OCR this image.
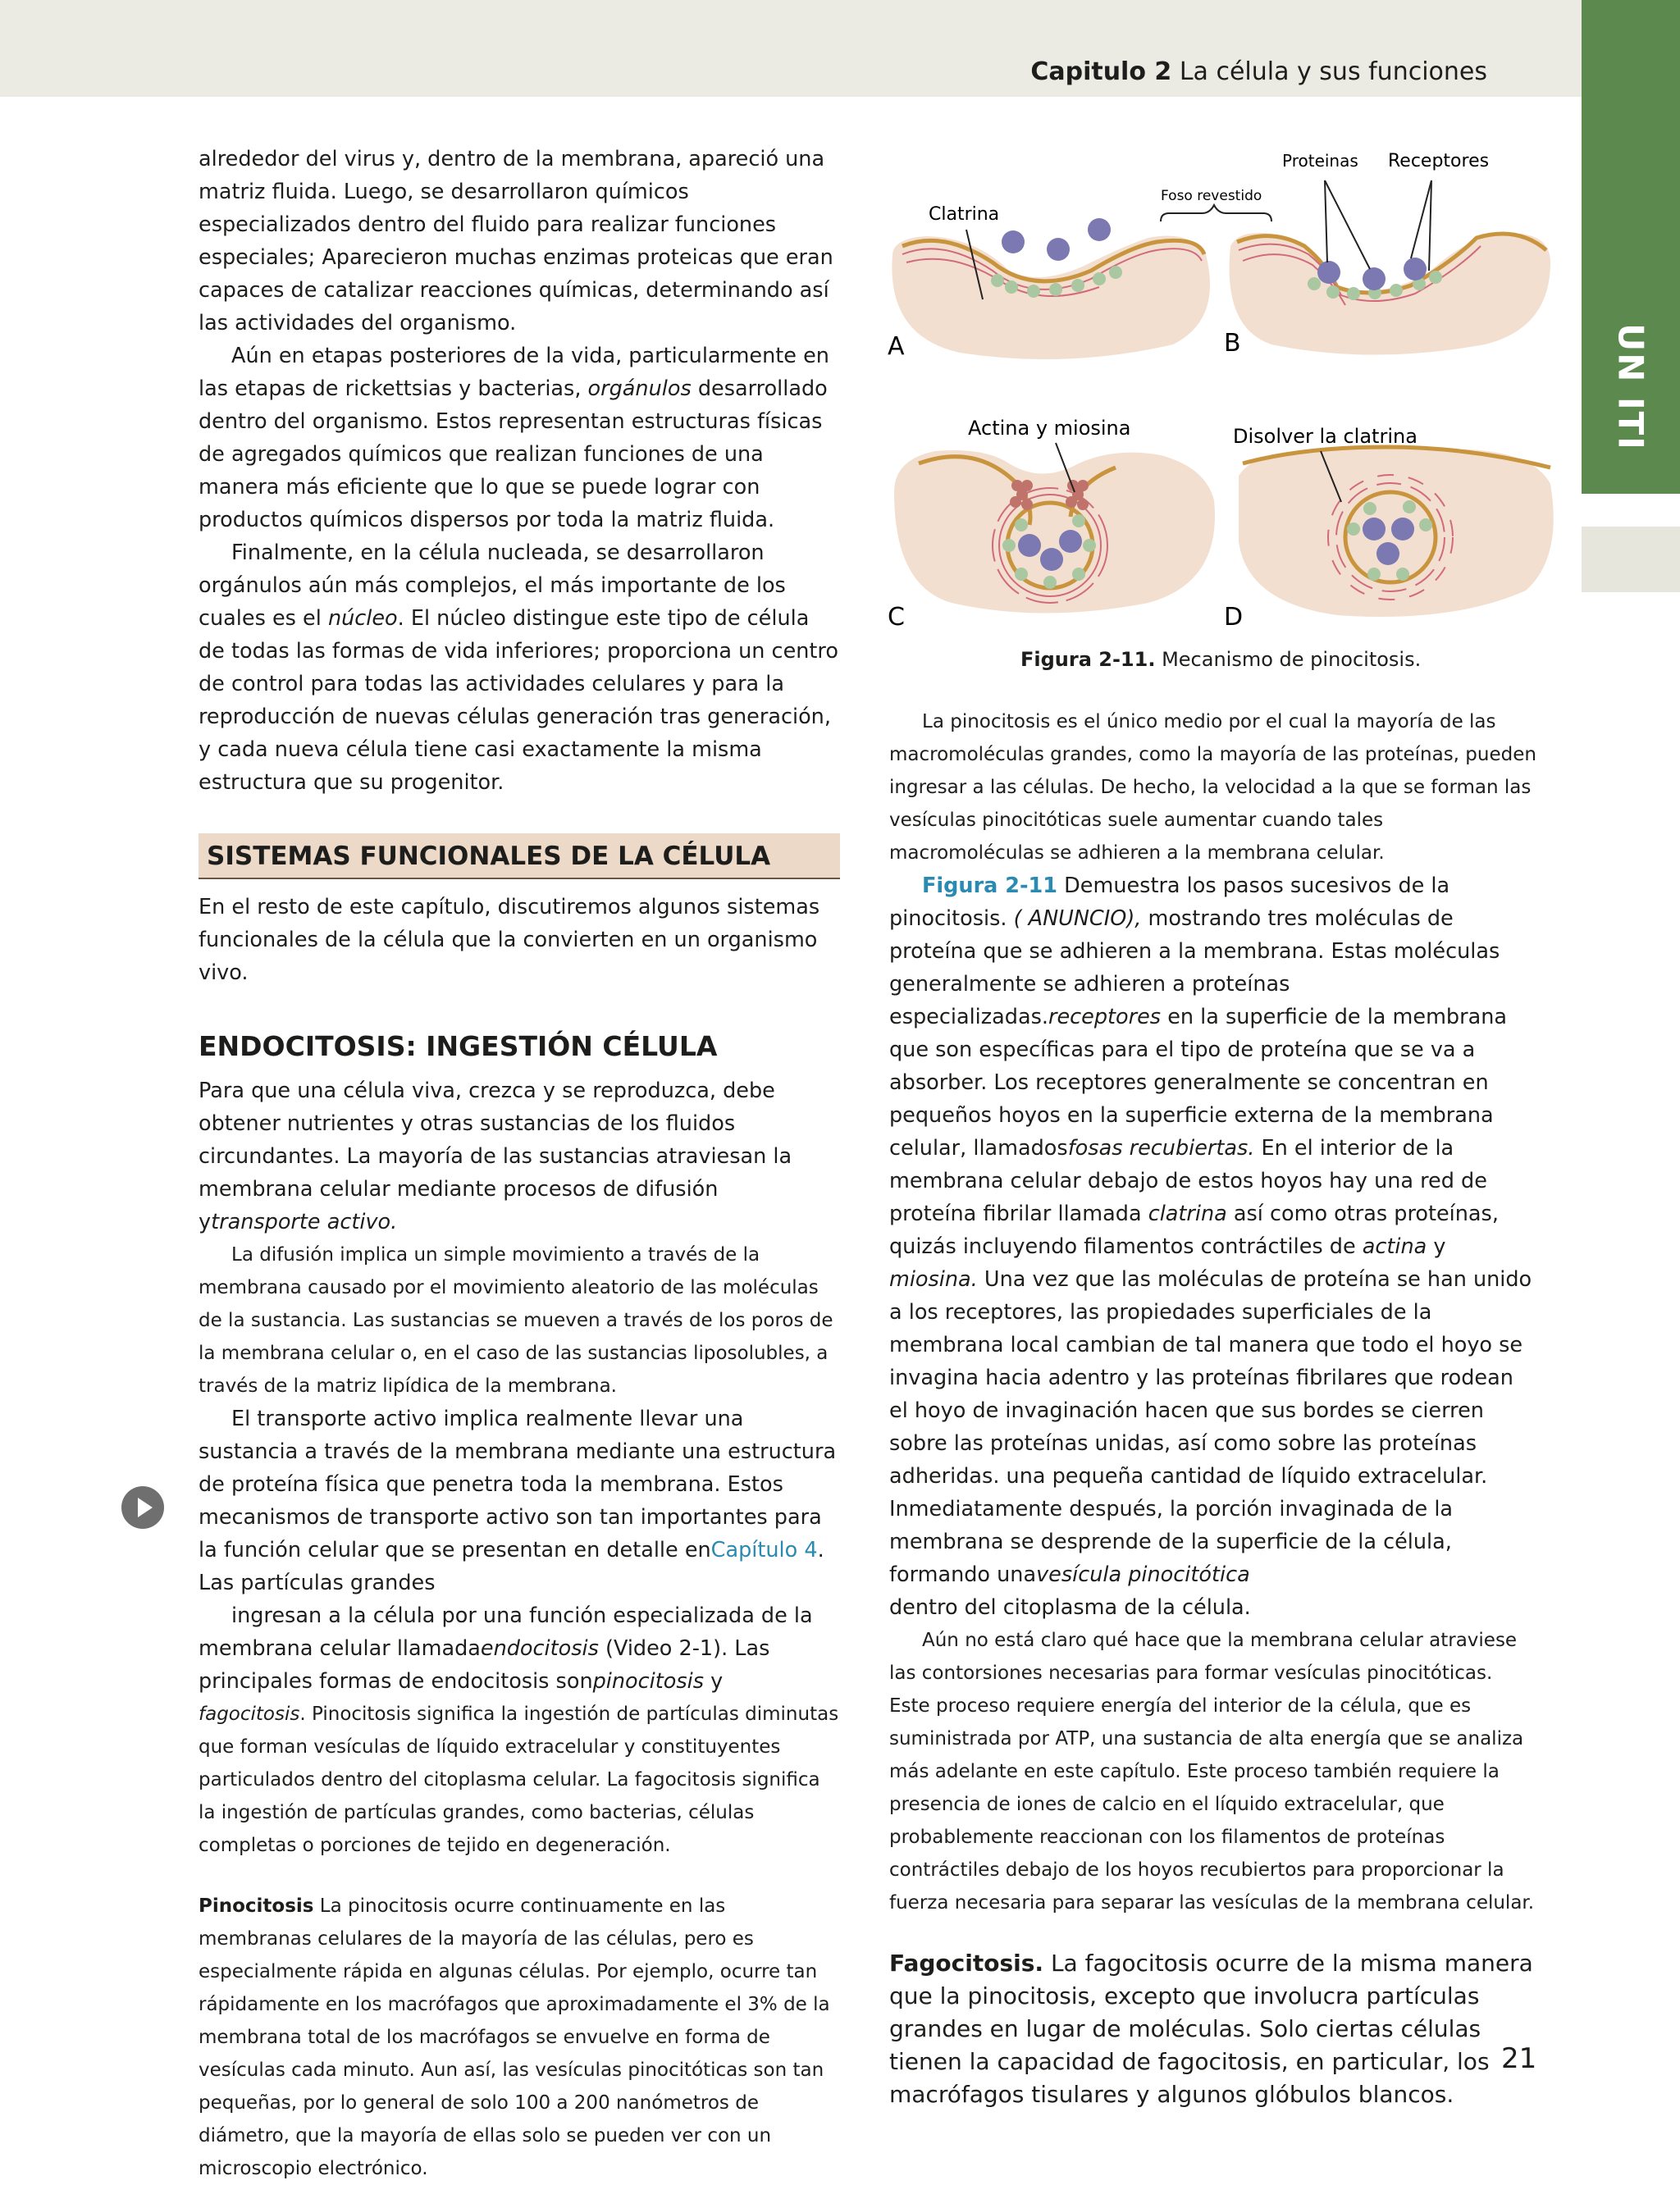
Capitulo 2 La célula y sus funciones
UN ITI

alrededor del virus y, dentro de la membrana, apareció una matriz fluida. Luego, se desarrollaron químicos especializados dentro del fluido para realizar funciones especiales; Aparecieron muchas enzimas proteicas que eran capaces de catalizar reacciones químicas, determinando así las actividades del organismo.

Aún en etapas posteriores de la vida, particularmente en las etapas de rickettsias y bacterias, orgánulos desarrollado dentro del organismo. Estos representan estructuras físicas de agregados químicos que realizan funciones de una manera más eficiente que lo que se puede lograr con productos químicos dispersos por toda la matriz fluida.

Finalmente, en la célula nucleada, se desarrollaron orgánulos aún más complejos, el más importante de los cuales es el núcleo. El núcleo distingue este tipo de célula de todas las formas de vida inferiores; proporciona un centro de control para todas las actividades celulares y para la reproducción de nuevas células generación tras generación, y cada nueva célula tiene casi exactamente la misma estructura que su progenitor.

SISTEMAS FUNCIONALES DE LA CÉLULA

En el resto de este capítulo, discutiremos algunos sistemas funcionales de la célula que la convierten en un organismo vivo.

ENDOCITOSIS: INGESTIÓN CÉLULA

Para que una célula viva, crezca y se reproduzca, debe obtener nutrientes y otras sustancias de los fluidos circundantes. La mayoría de las sustancias atraviesan la membrana celular mediante procesos de difusión ytransporte activo.

La difusión implica un simple movimiento a través de la membrana causado por el movimiento aleatorio de las moléculas de la sustancia. Las sustancias se mueven a través de los poros de la membrana celular o, en el caso de las sustancias liposolubles, a través de la matriz lipídica de la membrana.

El transporte activo implica realmente llevar una sustancia a través de la membrana mediante una estructura de proteína física que penetra toda la membrana. Estos mecanismos de transporte activo son tan importantes para la función celular que se presentan en detalle enCapítulo 4. Las partículas grandes

ingresan a la célula por una función especializada de la membrana celular llamadaendocitosis (Video 2-1). Las principales formas de endocitosis sonpinocitosis y

fagocitosis. Pinocitosis significa la ingestión de partículas diminutas que forman vesículas de líquido extracelular y constituyentes particulados dentro del citoplasma celular. La fagocitosis significa la ingestión de partículas grandes, como bacterias, células completas o porciones de tejido en degeneración.

Pinocitosis La pinocitosis ocurre continuamente en las membranas celulares de la mayoría de las células, pero es especialmente rápida en algunas células. Por ejemplo, ocurre tan rápidamente en los macrófagos que aproximadamente el 3% de la membrana total de los macrófagos se envuelve en forma de vesículas cada minuto. Aun así, las vesículas pinocitóticas son tan pequeñas, por lo general de solo 100 a 200 nanómetros de diámetro, que la mayoría de ellas solo se pueden ver con un microscopio electrónico.

Clatrina
A
Foso revestido
Proteinas Receptores
B
Actina y miosina
C
Disolver la clatrina
D
Figura 2-11. Mecanismo de pinocitosis.

La pinocitosis es el único medio por el cual la mayoría de las macromoléculas grandes, como la mayoría de las proteínas, pueden ingresar a las células. De hecho, la velocidad a la que se forman las vesículas pinocitóticas suele aumentar cuando tales macromoléculas se adhieren a la membrana celular.

Figura 2-11 Demuestra los pasos sucesivos de la pinocitosis. ( ANUNCIO), mostrando tres moléculas de proteína que se adhieren a la membrana. Estas moléculas generalmente se adhieren a proteínas especializadas.receptores en la superficie de la membrana que son específicas para el tipo de proteína que se va a absorber. Los receptores generalmente se concentran en pequeños hoyos en la superficie externa de la membrana celular, llamadosfosas recubiertas. En el interior de la membrana celular debajo de estos hoyos hay una red de proteína fibrilar llamada clatrina así como otras proteínas, quizás incluyendo filamentos contráctiles de actina y miosina. Una vez que las moléculas de proteína se han unido a los receptores, las propiedades superficiales de la membrana local cambian de tal manera que todo el hoyo se invagina hacia adentro y las proteínas fibrilares que rodean el hoyo de invaginación hacen que sus bordes se cierren sobre las proteínas unidas, así como sobre las proteínas adheridas. una pequeña cantidad de líquido extracelular. Inmediatamente después, la porción invaginada de la membrana se desprende de la superficie de la célula, formando unavesícula pinocitótica

dentro del citoplasma de la célula.

Aún no está claro qué hace que la membrana celular atraviese las contorsiones necesarias para formar vesículas pinocitóticas. Este proceso requiere energía del interior de la célula, que es suministrada por ATP, una sustancia de alta energía que se analiza más adelante en este capítulo. Este proceso también requiere la presencia de iones de calcio en el líquido extracelular, que probablemente reaccionan con los filamentos de proteínas contráctiles debajo de los hoyos recubiertos para proporcionar la fuerza necesaria para separar las vesículas de la membrana celular.

Fagocitosis. La fagocitosis ocurre de la misma manera que la pinocitosis, excepto que involucra partículas grandes en lugar de moléculas. Solo ciertas células tienen la capacidad de fagocitosis, en particular, los macrófagos tisulares y algunos glóbulos blancos.

21
